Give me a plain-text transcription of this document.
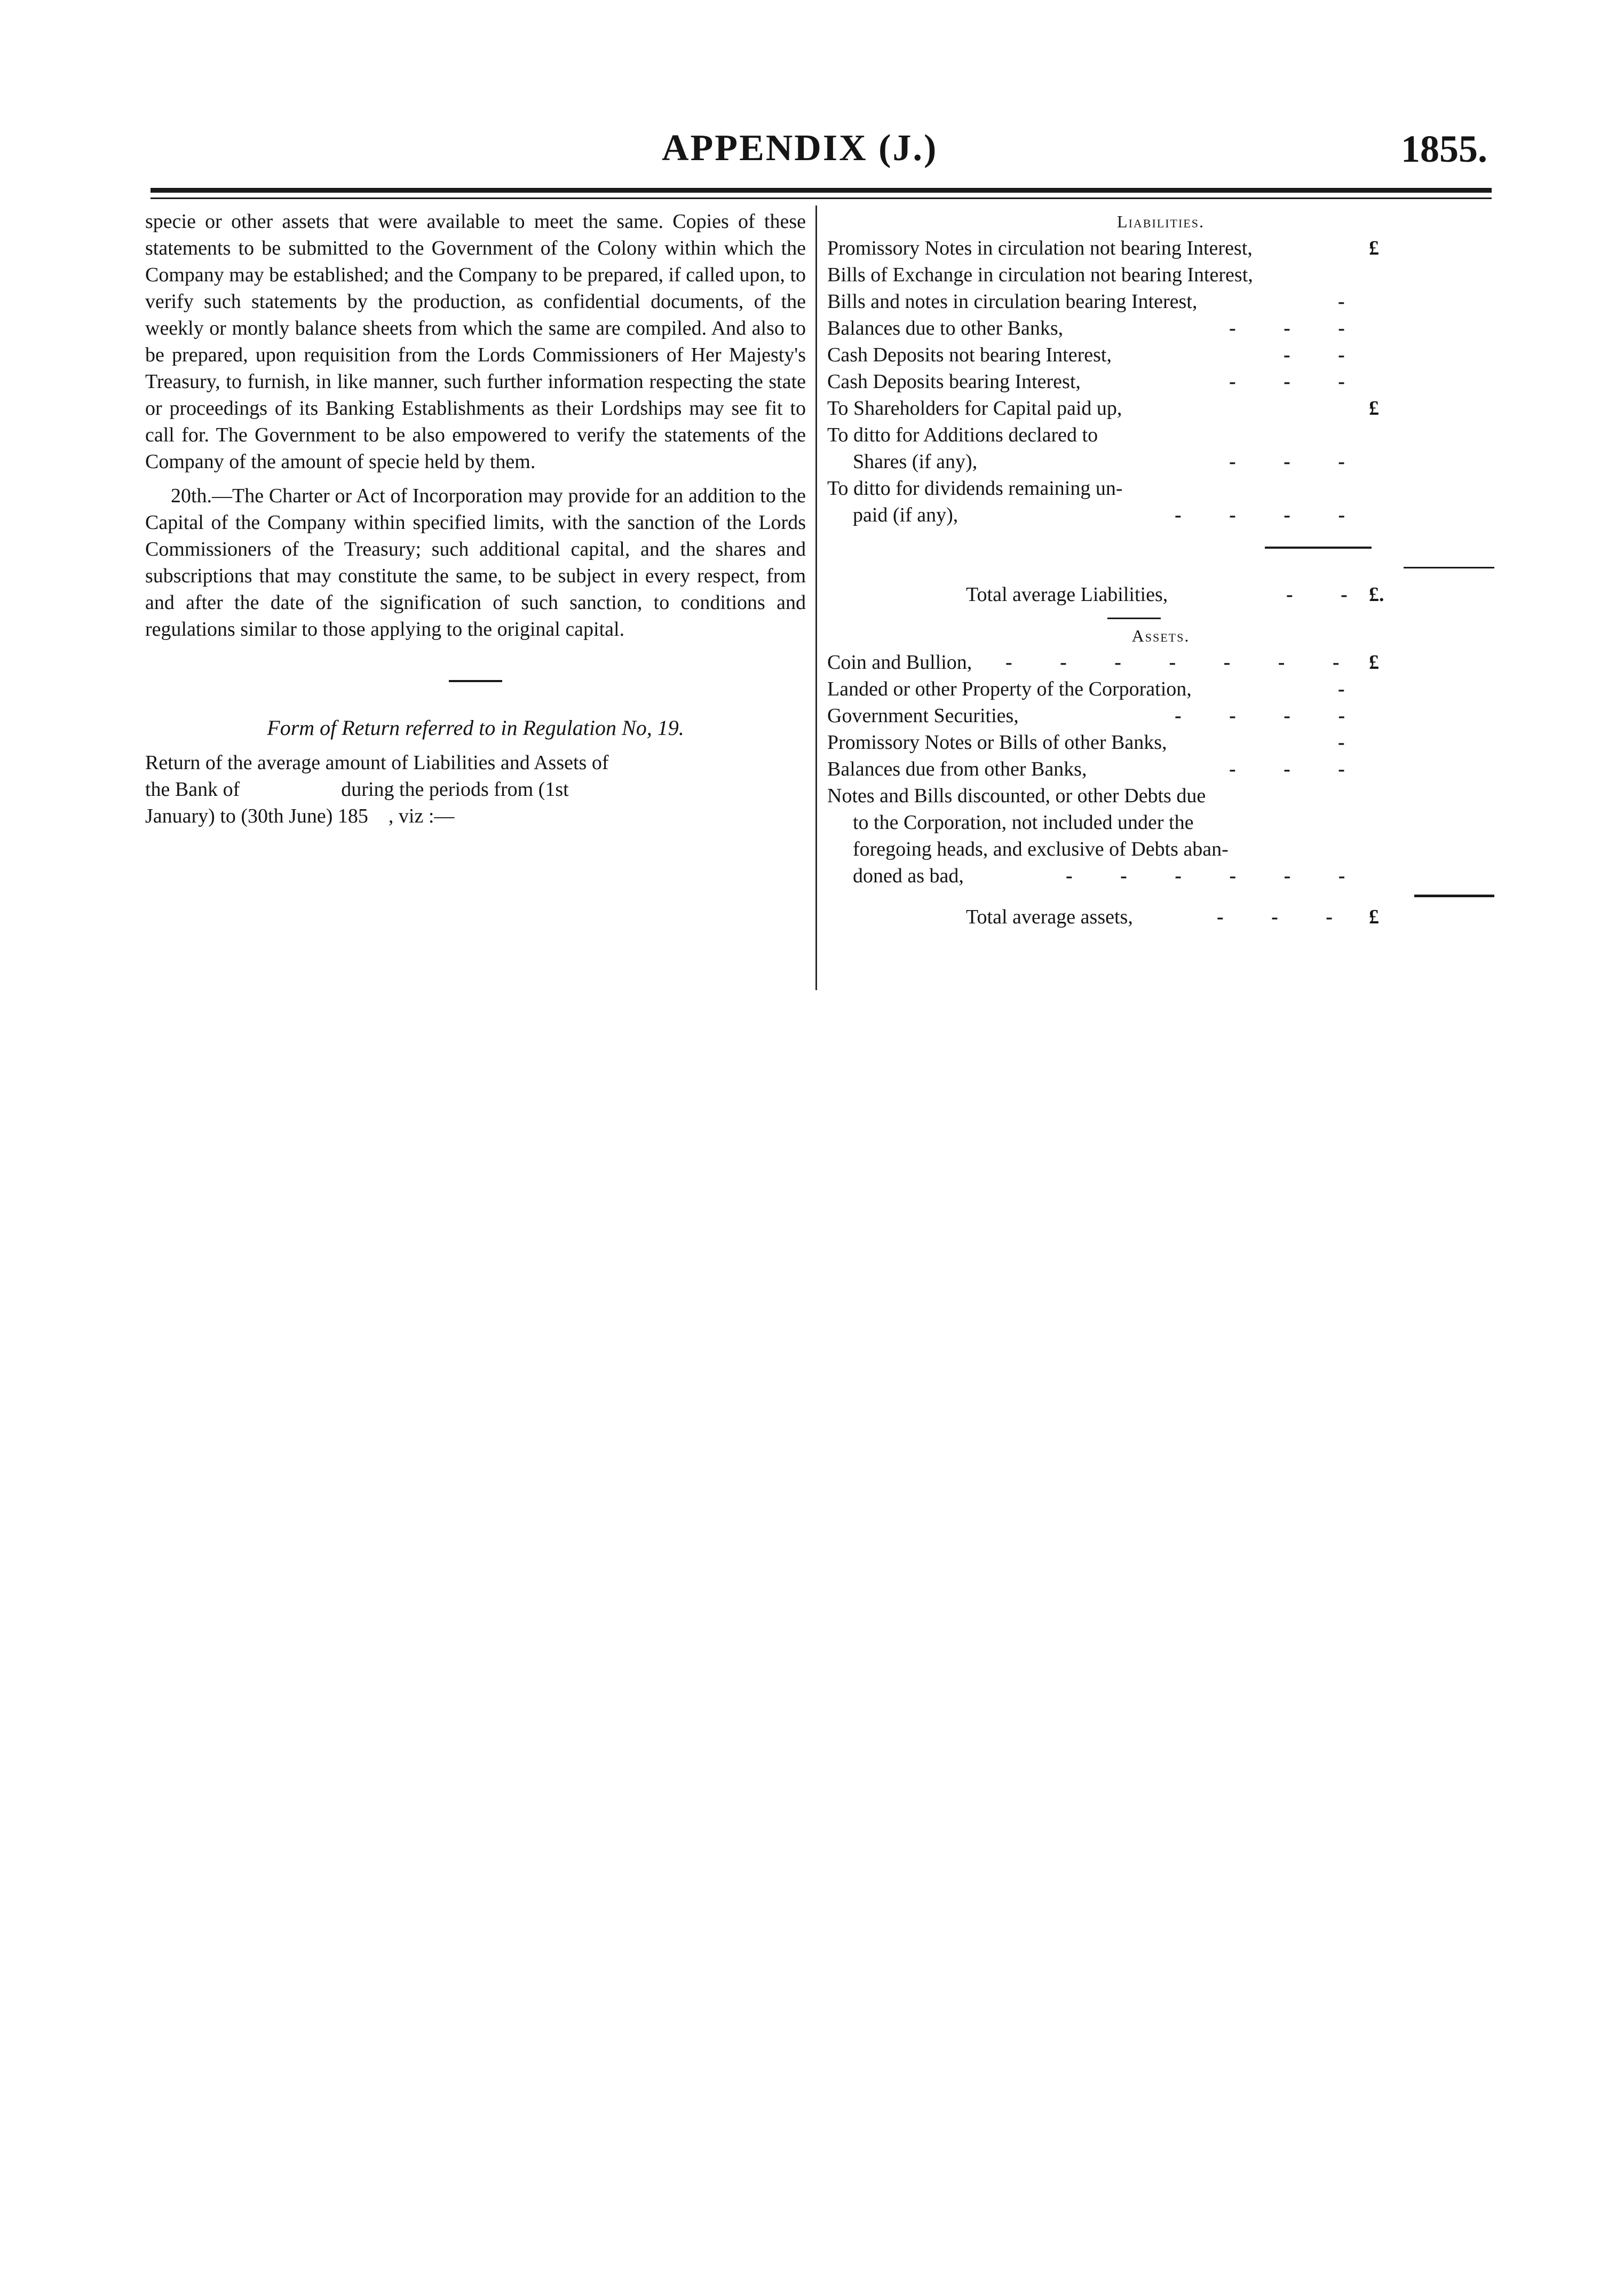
APPENDIX (J.)	1855.

specie or other assets that were available to meet the same. Copies of these statements to be submitted to the Government of the Colony within which the Company may be established; and the Company to be prepared, if called upon, to verify such statements by the production, as confidential documents, of the weekly or montly balance sheets from which the same are compiled. And also to be prepared, upon requisition from the Lords Commissioners of Her Majesty's Treasury, to furnish, in like manner, such further information respecting the state or proceedings of its Banking Establishments as their Lordships may see fit to call for. The Government to be also empowered to verify the statements of the Company of the amount of specie held by them.

20th.—The Charter or Act of Incorporation may provide for an addition to the Capital of the Company within specified limits, with the sanction of the Lords Commissioners of the Treasury; such additional capital, and the shares and subscriptions that may constitute the same, to be subject in every respect, from and after the date of the signification of such sanction, to conditions and regulations similar to those applying to the original capital.

Form of Return referred to in Regulation No, 19.

Return of the average amount of Liabilities and Assets of
the Bank of                    during the periods from (1st
January) to (30th June) 185    , viz :—
Liabilities.
Promissory Notes in circulation not bearing Interest,	£
Bills of Exchange in circulation not bearing Interest,
Bills and notes in circulation bearing Interest,	-
Balances due to other Banks,	- - -
Cash Deposits not bearing Interest,	- -
Cash Deposits bearing Interest,	- - -
To Shareholders for Capital paid up,	£
To ditto for Additions declared to
Shares (if any),	- - -
To ditto for dividends remaining un-
paid (if any),	- - - -
Total average Liabilities,	- - £.
Assets.
Coin and Bullion, - - - - - - - £
Landed or other Property of the Corporation,	-
Government Securities,	- - - -
Promissory Notes or Bills of other Banks,	-
Balances due from other Banks,	- - -
Notes and Bills discounted, or other Debts due
to the Corporation, not included under the
foregoing heads, and exclusive of Debts aban-
doned as bad,	- - - - - -
Total average assets,	- - - £
